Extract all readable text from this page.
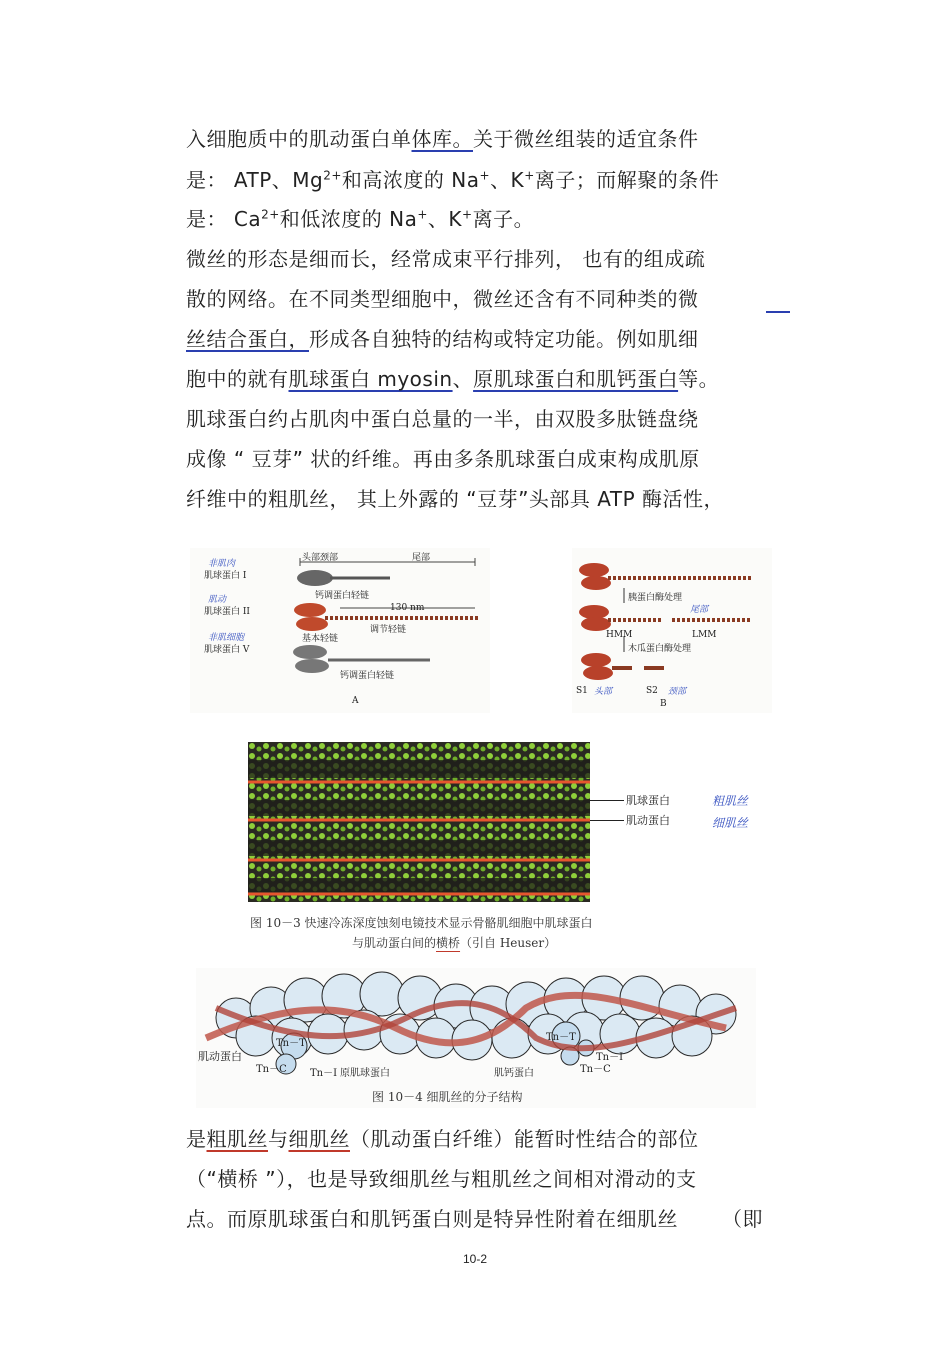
入细胞质中的肌动蛋白单体库。关于微丝组装的适宜条件
是： ATP、$Mg^{2+}$和高浓度的 Na+、K+离子；而解聚的条件
是： $Ca^{2+}$和低浓度的 Na+、K+离子。
微丝的形态是细而长，经常成束平行排列， 也有的组成疏
散的网络。在不同类型细胞中，微丝还含有不同种类的微
丝结合蛋白，形成各自独特的结构或特定功能。例如肌细
胞中的就有肌球蛋白 myosin、原肌球蛋白和肌钙蛋白等。
肌球蛋白约占肌肉中蛋白总量的一半，由双股多肽链盘绕
成像 “ 豆芽” 状的纤维。再由多条肌球蛋白成束构成肌原
纤维中的粗肌丝， 其上外露的 “豆芽”头部具 ATP 酶活性，
非肌肉
肌球蛋白 I
肌动
肌球蛋白 II
非肌细胞
肌球蛋白 V
头部颈部	尾部
钙调蛋白轻链
130 nm
调节轻链
基本轻链
钙调蛋白轻链
A
胰蛋白酶处理
尾部
HMM	LMM
木瓜蛋白酶处理
S1 头部	S2 颈部
B
肌球蛋白
肌动蛋白
粗肌丝
细肌丝
图 10－3 快速冷冻深度蚀刻电镜技术显示骨骼肌细胞中肌球蛋白
与肌动蛋白间的横桥（引自 Heuser）
肌动蛋白
Tn－T
Tn－C Tn－I 原肌球蛋白	肌钙蛋白
Tn－T
Tn－I
Tn－C
图 10－4 细肌丝的分子结构
是粗肌丝与细肌丝（肌动蛋白纤维）能暂时性结合的部位
（“横桥 ”），也是导致细肌丝与粗肌丝之间相对滑动的支
点。而原肌球蛋白和肌钙蛋白则是特异性附着在细肌丝 （即
10-2
